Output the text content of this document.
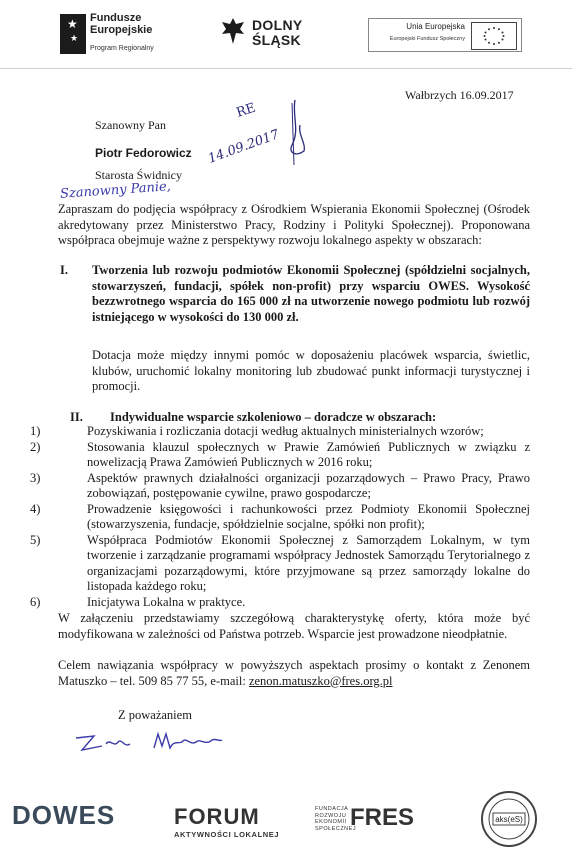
★
★
Fundusze
Europejskie
Program Regionalny
DOLNY
ŚLĄSK
Unia Europejska
Europejski Fundusz Społeczny
Wałbrzych 16.09.2017
Szanowny Pan
Piotr Fedorowicz
Starosta Świdnicy
RE
14.09.2017
Szanowny Panie,
Zapraszam do podjęcia współpracy z Ośrodkiem Wspierania Ekonomii Społecznej (Ośrodek akredytowany przez Ministerstwo Pracy, Rodziny i Polityki Społecznej). Proponowana współpraca obejmuje ważne z perspektywy rozwoju lokalnego aspekty w obszarach:
I. Tworzenia lub rozwoju podmiotów Ekonomii Społecznej (spółdzielni socjalnych, stowarzyszeń, fundacji, spółek non-profit) przy wsparciu OWES. Wysokość bezzwrotnego wsparcia do 165 000 zł na utworzenie nowego podmiotu lub rozwój istniejącego w wysokości do 130 000 zł.
Dotacja może między innymi pomóc w doposażeniu placówek wsparcia, świetlic, klubów, uruchomić lokalny monitoring lub zbudować punkt informacji turystycznej i promocji.
II. Indywidualne wsparcie szkoleniowo – doradcze w obszarach:
1)	Pozyskiwania i rozliczania dotacji według aktualnych ministerialnych wzorów;
2)	Stosowania klauzul społecznych w Prawie Zamówień Publicznych w związku z nowelizacją Prawa Zamówień Publicznych w 2016 roku;
3)	Aspektów prawnych działalności organizacji pozarządowych – Prawo Pracy, Prawo zobowiązań, postępowanie cywilne, prawo gospodarcze;
4)	Prowadzenie księgowości i rachunkowości przez Podmioty Ekonomii Społecznej (stowarzyszenia, fundacje, spółdzielnie socjalne, spółki non profit);
5)	Współpraca Podmiotów Ekonomii Społecznej z Samorządem Lokalnym, w tym tworzenie i zarządzanie programami współpracy Jednostek Samorządu Terytorialnego z organizacjami pozarządowymi, które przyjmowane są przez samorządy lokalne do listopada każdego roku;
6)	Inicjatywa Lokalna w praktyce.
W załączeniu przedstawiamy szczegółową charakterystykę oferty, która może być modyfikowana w zależności od Państwa potrzeb. Wsparcie jest prowadzone nieodpłatnie.
Celem nawiązania współpracy w powyższych aspektach prosimy o kontakt z Zenonem Matuszko – tel. 509 85 77 55, e-mail: zenon.matuszko@fres.org.pl
Z poważaniem
DOWES	FORUM
AKTYWNOŚCI LOKALNEJ
FUNDACJA ROZWOJU EKONOMII SPOŁECZNEJ
FRES	aks(eS)
